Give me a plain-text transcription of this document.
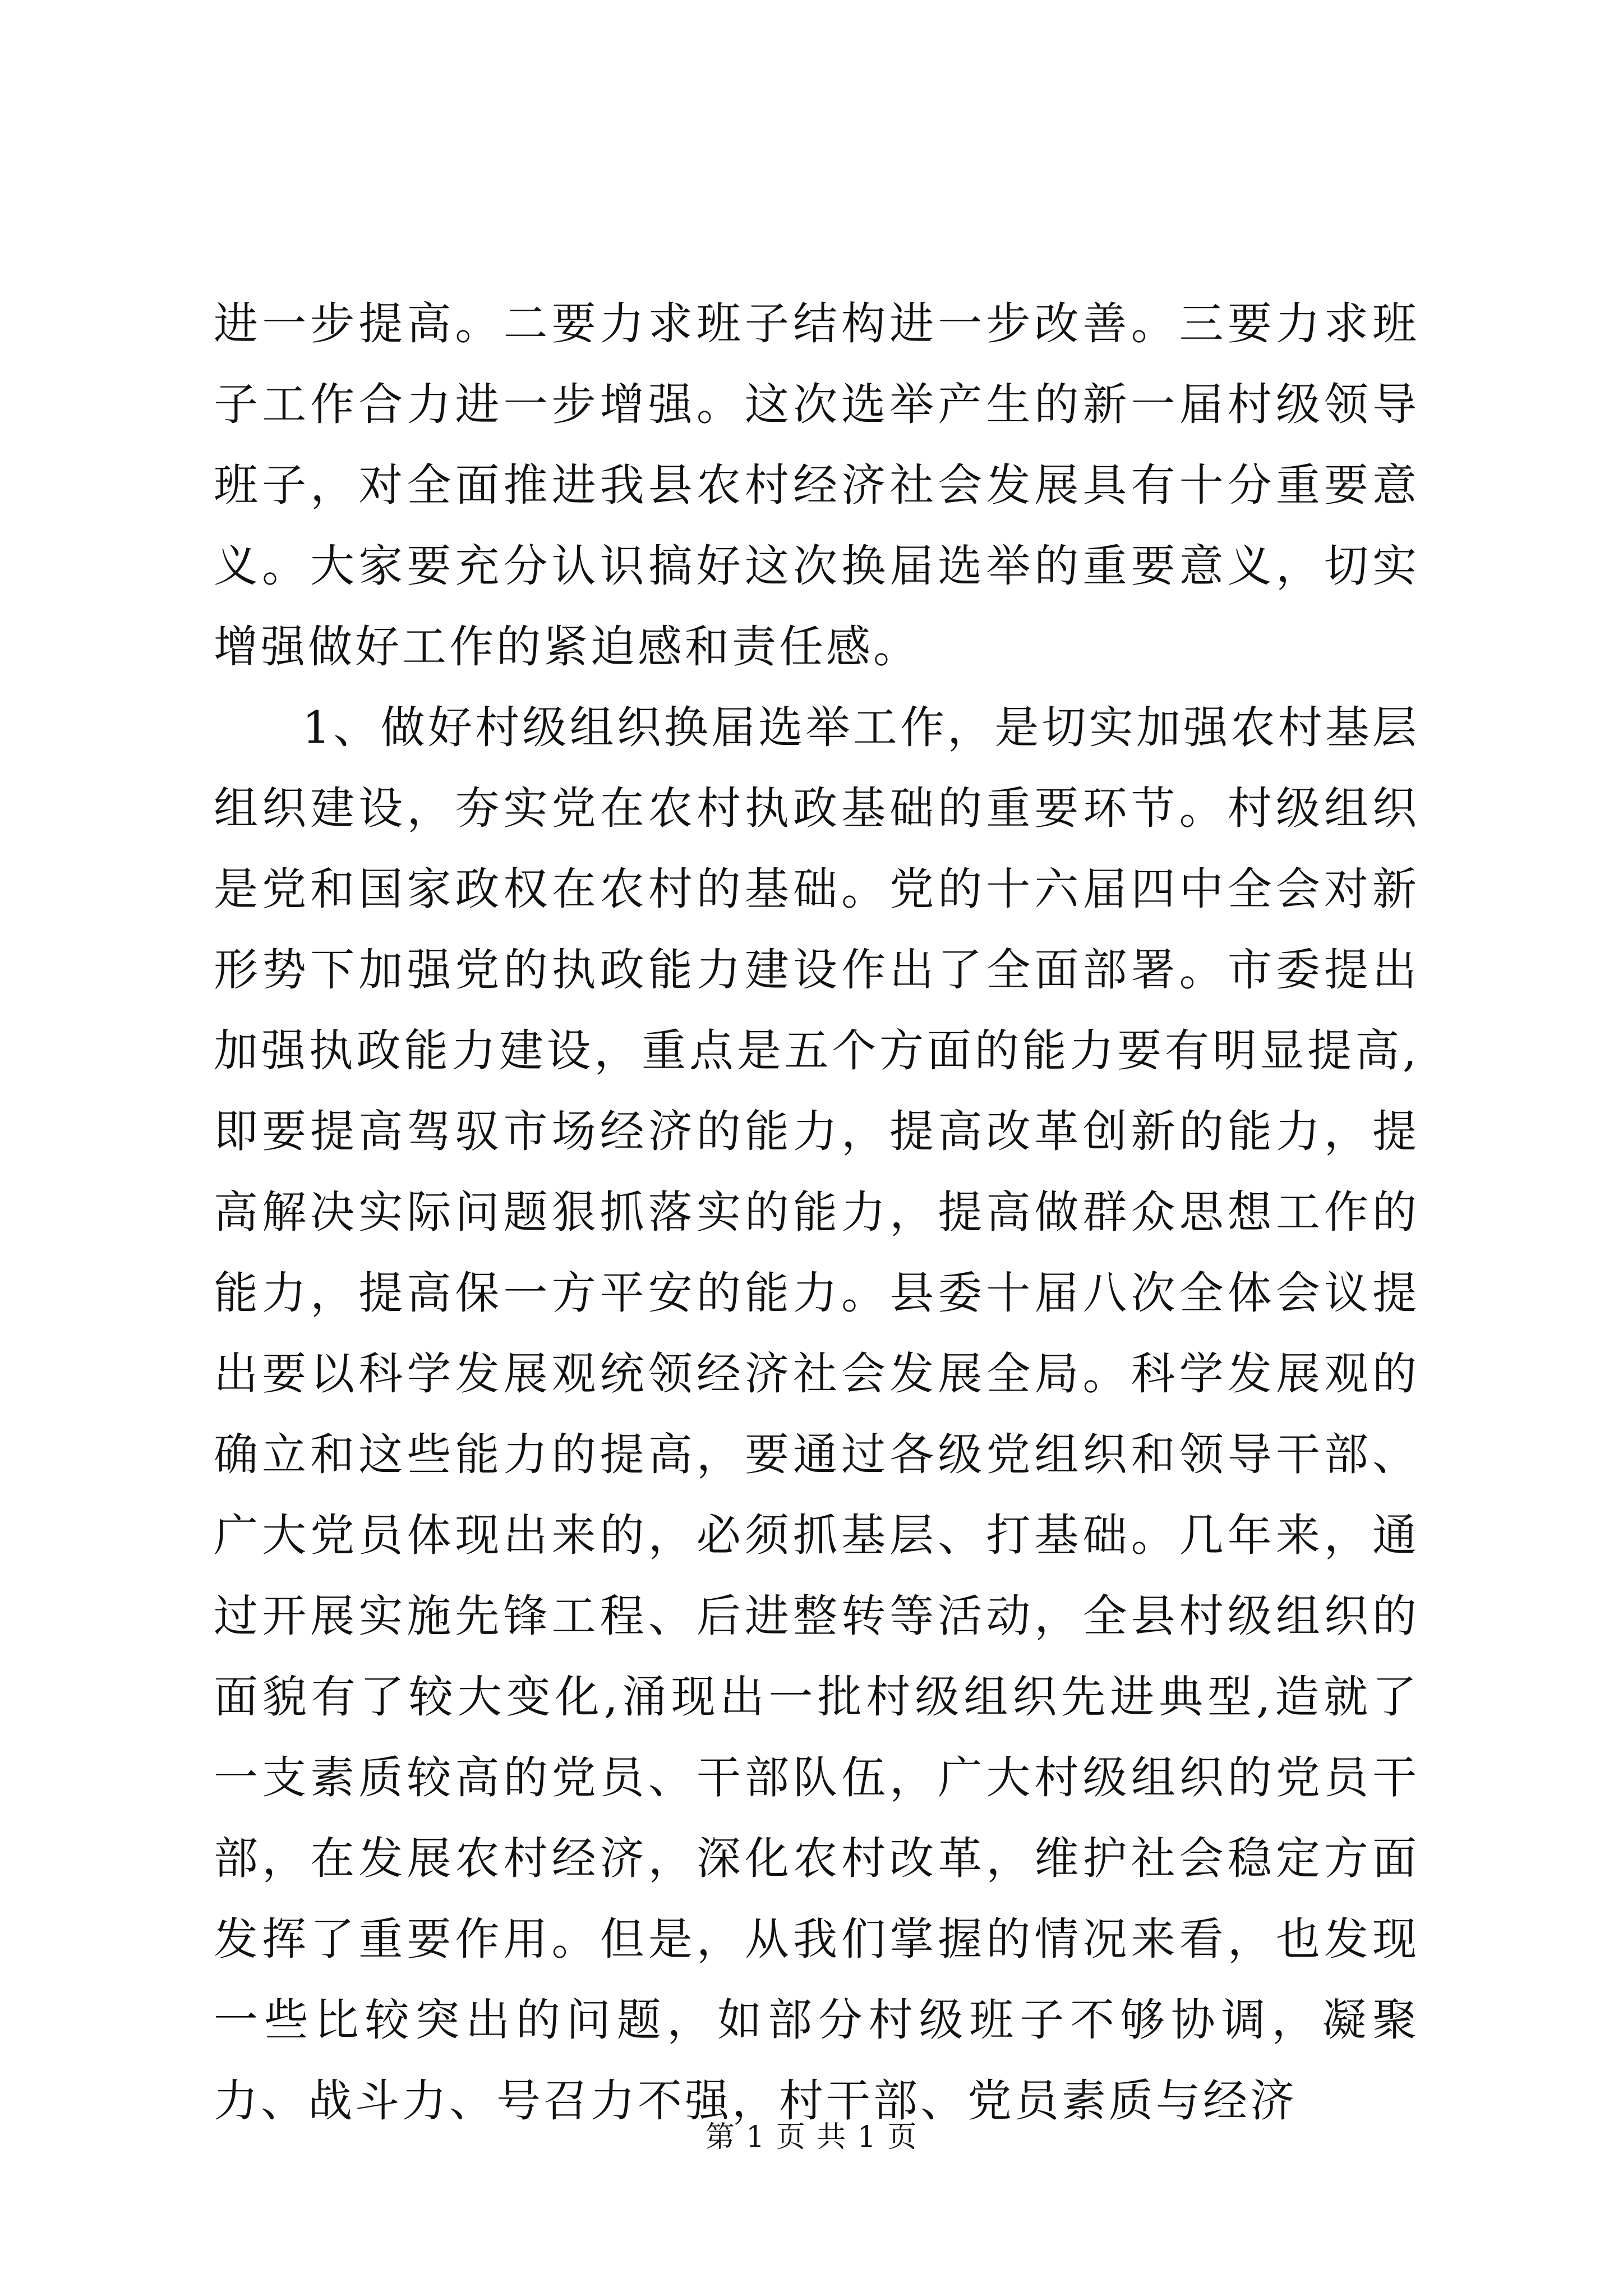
进一步提高。二要力求班子结构进一步改善。三要力求班子工作合力进一步增强。这次选举产生的新一届村级领导班子，对全面推进我县农村经济社会发展具有十分重要意义。大家要充分认识搞好这次换届选举的重要意义，切实增强做好工作的紧迫感和责任感。

1、做好村级组织换届选举工作，是切实加强农村基层组织建设，夯实党在农村执政基础的重要环节。村级组织是党和国家政权在农村的基础。党的十六届四中全会对新形势下加强党的执政能力建设作出了全面部署。市委提出加强执政能力建设，重点是五个方面的能力要有明显提高,即要提高驾驭市场经济的能力，提高改革创新的能力，提高解决实际问题狠抓落实的能力，提高做群众思想工作的能力，提高保一方平安的能力。县委十届八次全体会议提出要以科学发展观统领经济社会发展全局。科学发展观的确立和这些能力的提高，要通过各级党组织和领导干部、广大党员体现出来的，必须抓基层、打基础。几年来，通过开展实施先锋工程、后进整转等活动，全县村级组织的面貌有了较大变化,涌现出一批村级组织先进典型,造就了一支素质较高的党员、干部队伍，广大村级组织的党员干部，在发展农村经济，深化农村改革，维护社会稳定方面发挥了重要作用。但是，从我们掌握的情况来看，也发现一些比较突出的问题，如部分村级班子不够协调，凝聚力、战斗力、号召力不强，村干部、党员素质与经济

第 1 页 共 1 页
